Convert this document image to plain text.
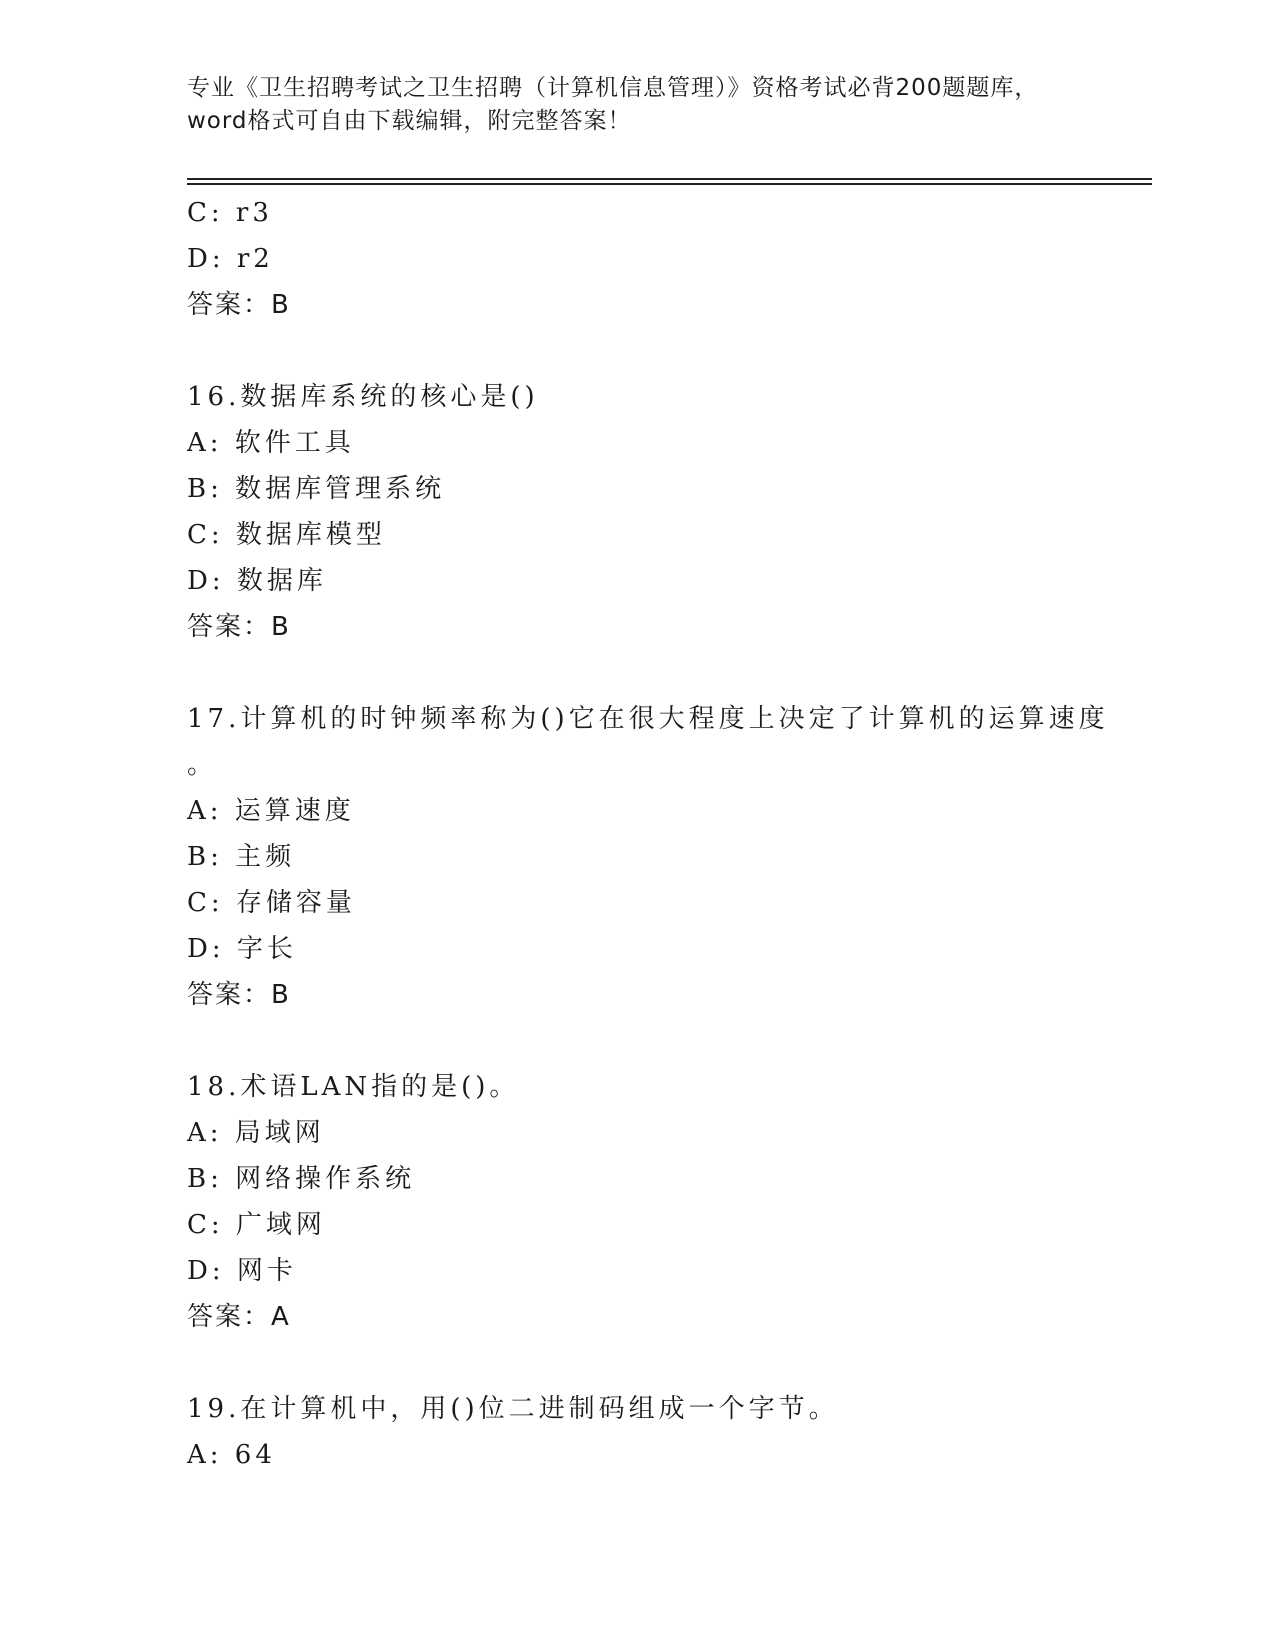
专业《卫生招聘考试之卫生招聘（计算机信息管理）》资格考试必背200题题库，
word格式可自由下载编辑，附完整答案！
C: r3
D: r2
答案：B
16.数据库系统的核心是()
A: 软件工具
B: 数据库管理系统
C: 数据库模型
D: 数据库
答案：B
17.计算机的时钟频率称为()它在很大程度上决定了计算机的运算速度
。
A: 运算速度
B: 主频
C: 存储容量
D: 字长
答案：B
18.术语LAN指的是()。
A: 局域网
B: 网络操作系统
C: 广域网
D: 网卡
答案：A
19.在计算机中，用()位二进制码组成一个字节。
A: 64
